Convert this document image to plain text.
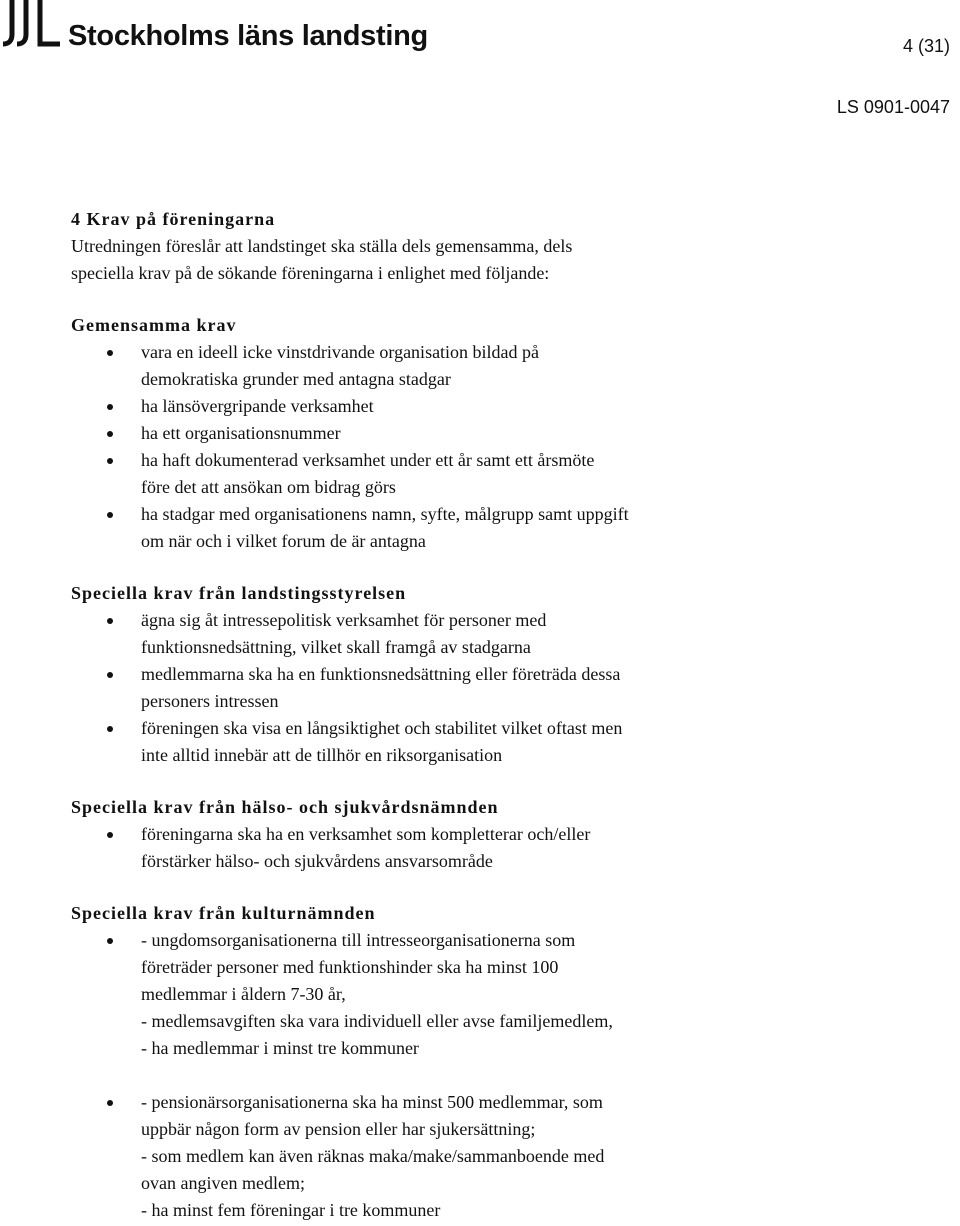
Stockholms läns landsting	4 (31)
LS 0901-0047
4 Krav på föreningarna

Utredningen föreslår att landstinget ska ställa dels gemensamma, dels
speciella krav på de sökande föreningarna i enlighet med följande:

Gemensamma krav
vara en ideell icke vinstdrivande organisation bildad på
demokratiska grunder med antagna stadgar
ha länsövergripande verksamhet
ha ett organisationsnummer
ha haft dokumenterad verksamhet under ett år samt ett årsmöte
före det att ansökan om bidrag görs
ha stadgar med organisationens namn, syfte, målgrupp samt uppgift
om när och i vilket forum de är antagna
Speciella krav från landstingsstyrelsen
ägna sig åt intressepolitisk verksamhet för personer med
funktionsnedsättning, vilket skall framgå av stadgarna
medlemmarna ska ha en funktionsnedsättning eller företräda dessa
personers intressen
föreningen ska visa en långsiktighet och stabilitet vilket oftast men
inte alltid innebär att de tillhör en riksorganisation
Speciella krav från hälso- och sjukvårdsnämnden
föreningarna ska ha en verksamhet som kompletterar och/eller
förstärker hälso- och sjukvårdens ansvarsområde
Speciella krav från kulturnämnden
- ungdomsorganisationerna till intresseorganisationerna som
företräder personer med funktionshinder ska ha minst 100
medlemmar i åldern 7-30 år,
- medlemsavgiften ska vara individuell eller avse familjemedlem,
- ha medlemmar i minst tre kommuner
- pensionärsorganisationerna ska ha minst 500 medlemmar, som
uppbär någon form av pension eller har sjukersättning;
- som medlem kan även räknas maka/make/sammanboende med
ovan angiven medlem;
- ha minst fem föreningar i tre kommuner
